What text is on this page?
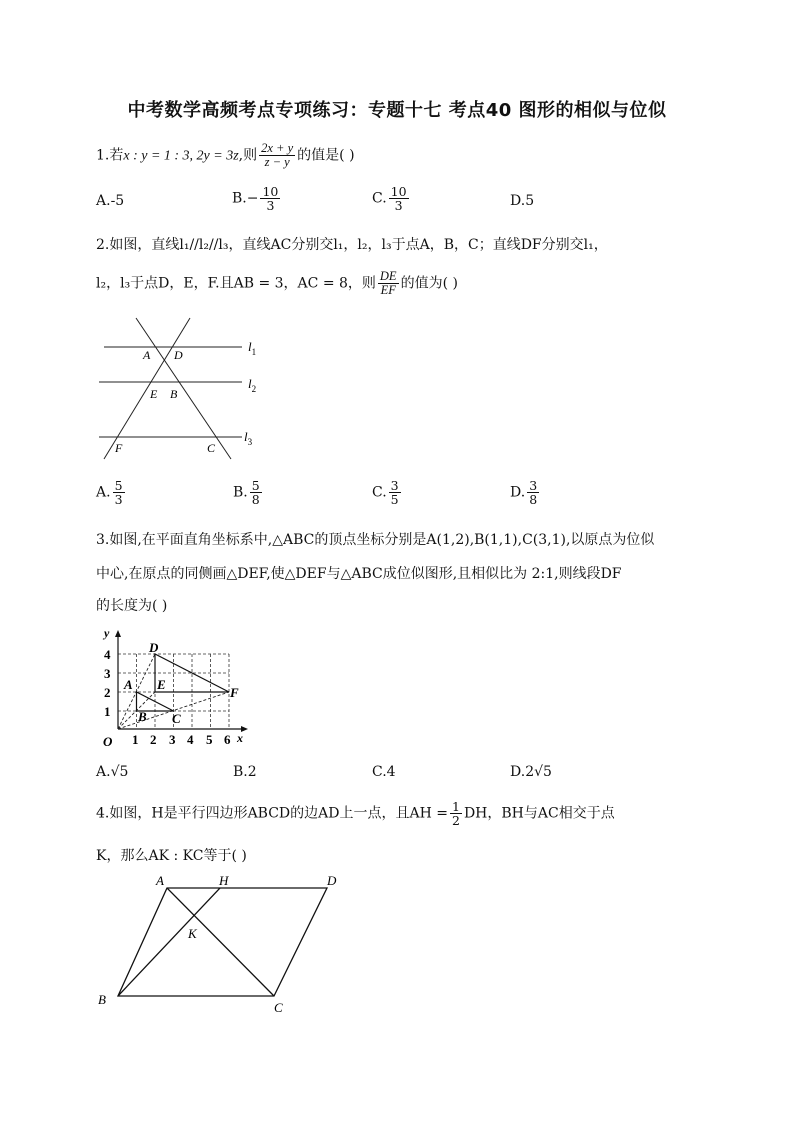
中考数学高频考点专项练习：专题十七 考点40 图形的相似与位似
1.若x : y = 1 : 3, 2y = 3z,则 $\frac{2x + y}{z - y}$ 的值是( )
A.-5	$B.- \frac{10}{3}$	C. $\frac{10}{3}$	D.5
2.如图，直线l₁//l₂//l₃，直线AC分别交l₁，l₂，l₃于点A，B，C；直线DF分别交l₁，
l₂，l₃于点D，E，F.且AB = 3，AC = 8，则 $\frac{DE}{EF}$ 的值为( )
A D
E B
F	C
$l_1$
$l_2$
$l_3$
A. $\frac{5}{3}$	B. $\frac{5}{8}$	C. $\frac{3}{5}$	D. $\frac{3}{8}$
3.如图,在平面直角坐标系中,△ABC的顶点坐标分别是A(1,2),B(1,1),C(3,1),以原点为位似
中心,在原点的同侧画△DEF,使△DEF与△ABC成位似图形,且相似比为 2:1,则线段DF
的长度为( )
y
x
O 1 2 3 4 5 6
1
2
3
4
A
B C
D
E
F
A.√5	B.2	C.4	D.2√5
4.如图，H是平行四边形ABCD的边AD上一点，且AH = $\frac{1}{2}$ DH，BH与AC相交于点
K，那么AK : KC等于( )
A	H	D
K
B
C
